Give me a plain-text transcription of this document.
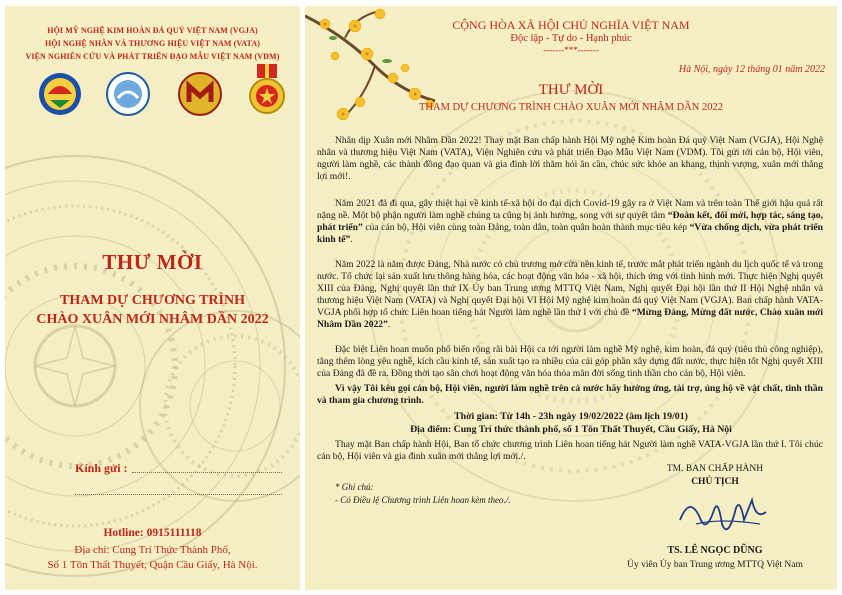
HỘI MỸ NGHỆ KIM HOÀN ĐÁ QUÝ VIỆT NAM (VGJA)
HỘI NGHỆ NHÂN VÀ THƯƠNG HIỆU VIỆT NAM (VATA)
VIỆN NGHIÊN CỨU VÀ PHÁT TRIỂN ĐẠO MẪU VIỆT NAM (VDM)
THƯ MỜI
THAM DỰ CHƯƠNG TRÌNH
CHÀO XUÂN MỚI NHÂM DẦN 2022
Kính gửi :
Hotline: 0915111118
Địa chỉ: Cung Trí Thức Thành Phố,
Số 1 Tôn Thất Thuyết, Quận Cầu Giấy, Hà Nội.
CỘNG HÒA XÃ HỘI CHỦ NGHĨA VIỆT NAM
Độc lập - Tự do - Hạnh phúc
-------***-------
Hà Nội, ngày 12 tháng 01 năm 2022
THƯ MỜI
THAM DỰ CHƯƠNG TRÌNH CHÀO XUÂN MỚI NHÂM DẦN 2022
Nhân dịp Xuân mới Nhâm Dần 2022! Thay mặt Ban chấp hành Hội Mỹ nghệ Kim hoàn Đá quý Việt Nam (VGJA), Hội Nghệ nhân và thương hiệu Việt Nam (VATA), Viện Nghiên cứu và phát triển Đạo Mẫu Việt Nam (VDM). Tôi gửi tới cán bộ, Hội viên, người làm nghề, các thành đồng đạo quan và gia đình lời thăm hỏi ân cần, chúc sức khỏe an khang, thịnh vượng, xuân mới thắng lợi mới!.
Năm 2021 đã đi qua, gây thiệt hại về kinh tế-xã hội do đại dịch Covid-19 gây ra ở Việt Nam và trên toàn Thế giới hậu quả rất nặng nề. Một bộ phận người làm nghề chúng ta cũng bị ảnh hưởng, song với sự quyết tâm “Đoàn kết, đổi mới, hợp tác, sáng tạo, phát triển” của cán bộ, Hội viên cùng toàn Đảng, toàn dân, toàn quân hoàn thành mục tiêu kép “Vừa chống dịch, vừa phát triển kinh tế”.
Năm 2022 là năm được Đảng, Nhà nước có chủ trương mở cửa nền kinh tế, trước mắt phát triển ngành du lịch quốc tế và trong nước. Tổ chức lại sản xuất lưu thông hàng hóa, các hoạt động văn hóa - xã hội, thích ứng với tình hình mới. Thực hiện Nghị quyết XIII của Đảng, Nghị quyết lần thứ IX Ủy ban Trung ương MTTQ Việt Nam, Nghị quyết Đại hội lần thứ II Hội Nghệ nhân và thương hiệu Việt Nam (VATA) và Nghị quyết Đại hội VI Hội Mỹ nghệ kim hoàn đá quý Việt Nam (VGJA). Ban chấp hành VATA-VGJA phối hợp tổ chức Liên hoan tiếng hát Người làm nghề lần thứ I với chủ đề “Mừng Đảng, Mừng đất nước, Chào xuân mới Nhâm Dần 2022”.
Đặc biệt Liên hoan muốn phổ biến rộng rãi bài Hội ca tới người làm nghề Mỹ nghệ, kim hoàn, đá quý (tiêu thủ công nghiệp), tăng thêm lòng yêu nghề, kích cầu kinh tế, sản xuất tạo ra nhiều của cải góp phần xây dựng đất nước, thực hiện tốt Nghị quyết XIII của Đảng đã đề ra. Đồng thời tạo sân chơi hoạt động văn hóa thỏa mãn đời sống tinh thần cho cán bộ, Hội viên.
Vì vậy Tôi kêu gọi cán bộ, Hội viên, người làm nghề trên cả nước hãy hưởng ứng, tài trợ, ủng hộ về vật chất, tinh thần và tham gia chương trình.
Thời gian: Từ 14h - 23h ngày 19/02/2022 (âm lịch 19/01)
Địa điểm: Cung Trí thức thành phố, số 1 Tôn Thất Thuyết, Cầu Giấy, Hà Nội
Thay mặt Ban chấp hành Hội, Ban tổ chức chương trình Liên hoan tiếng hát Người làm nghề VATA-VGJA lần thứ I. Tôi chúc cán bộ, Hội viên và gia đình xuân mới thắng lợi mới./.
* Ghi chú:
- Có Điều lệ Chương trình Liên hoan kèm theo./.
TM. BAN CHẤP HÀNH
CHỦ TỊCH
TS. LÊ NGỌC DŨNG
Ủy viên Ủy ban Trung ương MTTQ Việt Nam
